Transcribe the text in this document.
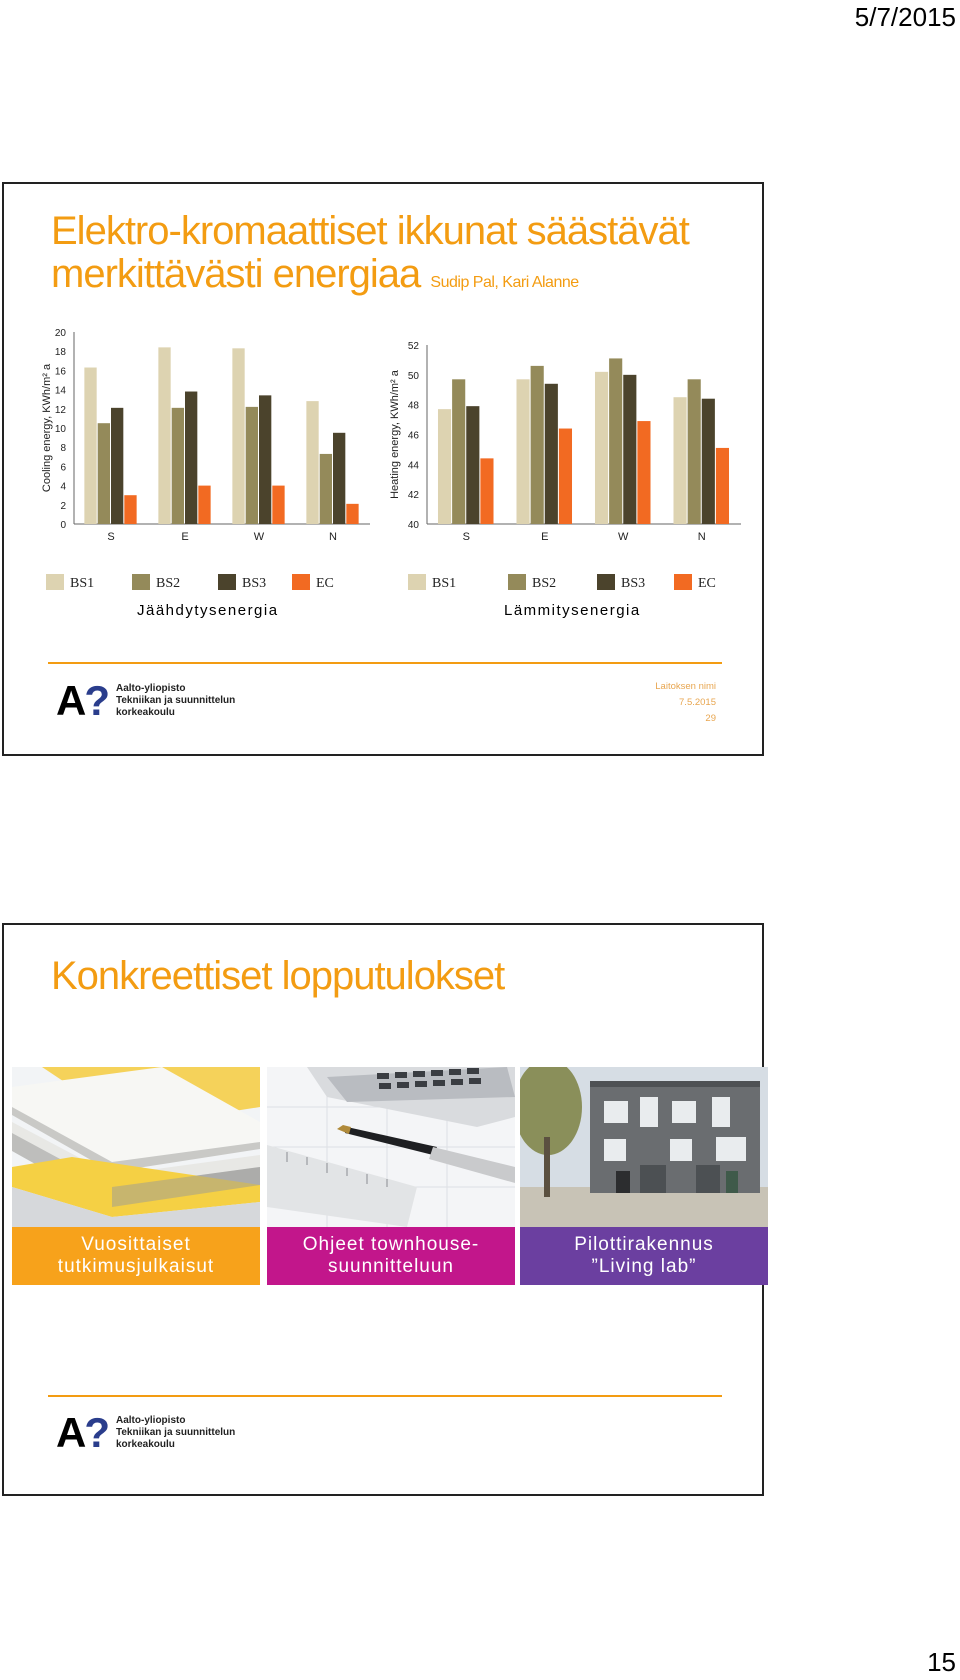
5/7/2015
Elektro-kromaattiset ikkunat säästävät
merkittävästi energiaa Sudip Pal, Kari Alanne
0
2
4
6
8
10
12
14
16
18
20
Cooling energy, KWh/m² a
S	E	W	N
BS1	BS2	BS3	EC
40
42
44
46
48
50
52
Heating energy, KWh/m² a
S	E	W	N
BS1	BS2	BS3	EC
Jäähdytysenergia	Lämmitysenergia
A? Aalto-yliopisto
Tekniikan ja suunnittelun
korkeakoulu
Laitoksen nimi
7.5.2015
29
Konkreettiset lopputulokset
Vuosittaiset
tutkimusjulkaisut
Ohjeet townhouse-
suunnitteluun
Pilottirakennus
”Living lab”
A? Aalto-yliopisto
Tekniikan ja suunnittelun
korkeakoulu
15
